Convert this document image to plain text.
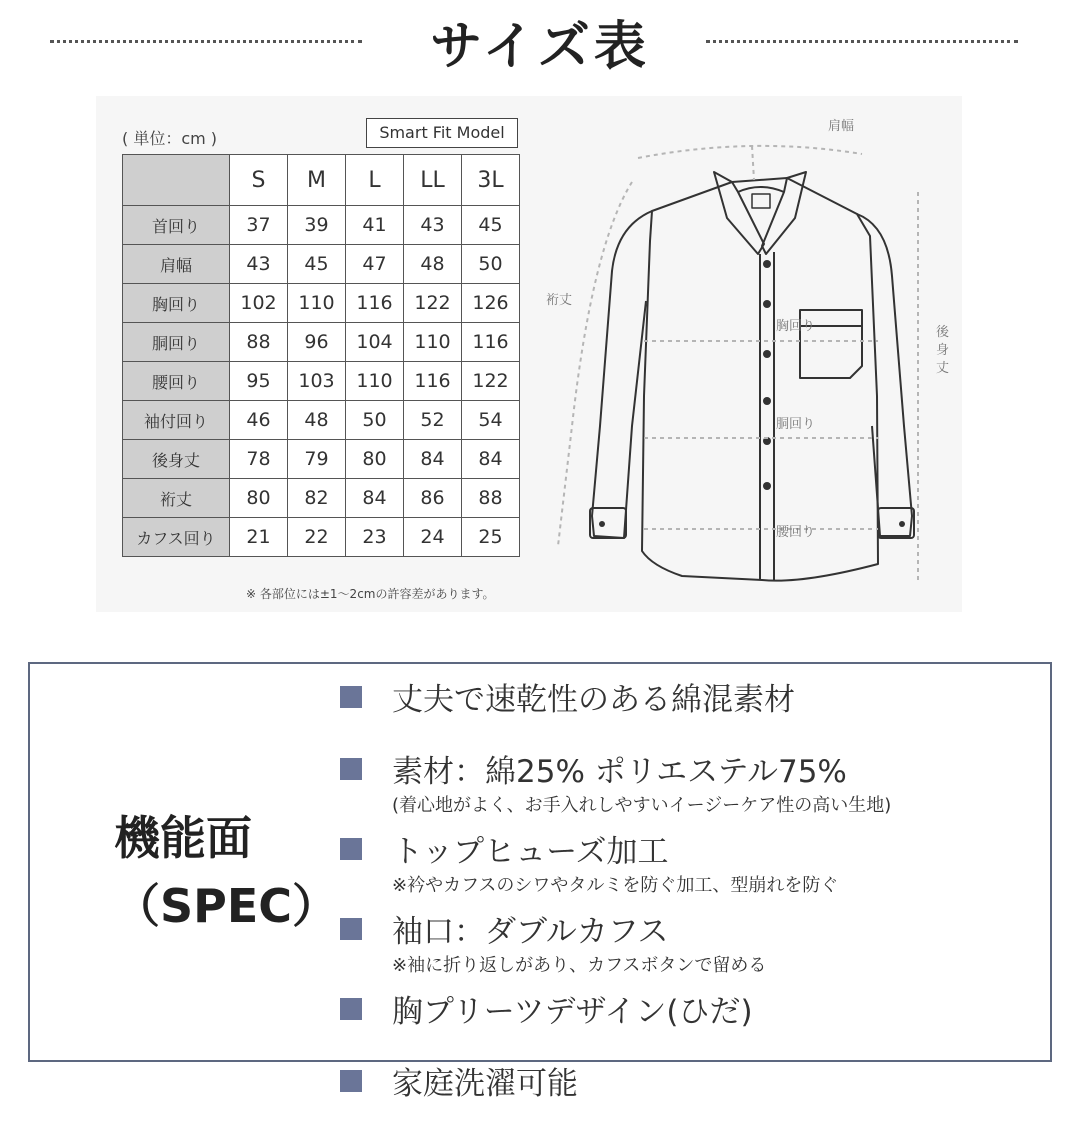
サイズ表
( 単位：cm )	Smart Fit Model
	S	M	L	LL	3L
首回り	37	39	41	43	45
肩幅	43	45	47	48	50
胸回り	102	110	116	122	126
胴回り	88	96	104	110	116
腰回り	95	103	110	116	122
袖付回り	46	48	50	52	54
後身丈	78	79	80	84	84
裄丈	80	82	84	86	88
カフス回り	21	22	23	24	25
※ 各部位には±1〜2cmの許容差があります。
肩幅
裄丈
後身丈
胸回り
胴回り
腰回り
機能面
（SPEC）
丈夫で速乾性のある綿混素材
素材：綿25% ポリエステル75%
(着心地がよく、お手入れしやすいイージーケア性の高い生地)
トップヒューズ加工
※衿やカフスのシワやタルミを防ぐ加工、型崩れを防ぐ
袖口：ダブルカフス
※袖に折り返しがあり、カフスボタンで留める
胸プリーツデザイン(ひだ)
家庭洗濯可能
